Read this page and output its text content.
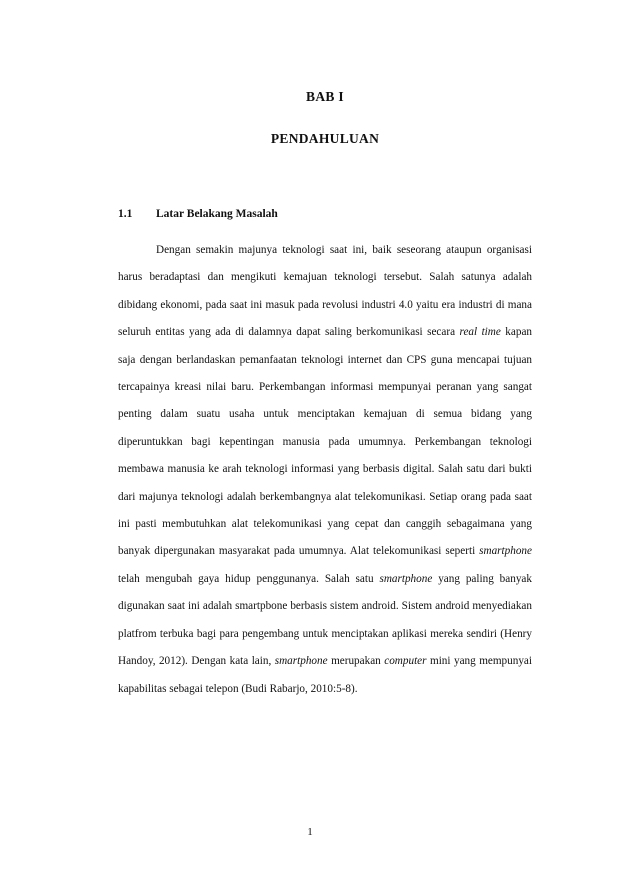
BAB I
PENDAHULUAN
1.1 Latar Belakang Masalah

Dengan semakin majunya teknologi saat ini, baik seseorang ataupun organisasi harus beradaptasi dan mengikuti kemajuan teknologi tersebut. Salah satunya adalah dibidang ekonomi, pada saat ini masuk pada revolusi industri 4.0 yaitu era industri di mana seluruh entitas yang ada di dalamnya dapat saling berkomunikasi secara real time kapan saja dengan berlandaskan pemanfaatan teknologi internet dan CPS guna mencapai tujuan tercapainya kreasi nilai baru. Perkembangan informasi mempunyai peranan yang sangat penting dalam suatu usaha untuk menciptakan kemajuan di semua bidang yang diperuntukkan bagi kepentingan manusia pada umumnya. Perkembangan teknologi membawa manusia ke arah teknologi informasi yang berbasis digital. Salah satu dari bukti dari majunya teknologi adalah berkembangnya alat telekomunikasi. Setiap orang pada saat ini pasti membutuhkan alat telekomunikasi yang cepat dan canggih sebagaimana yang banyak dipergunakan masyarakat pada umumnya. Alat telekomunikasi seperti smartphone telah mengubah gaya hidup penggunanya. Salah satu smartphone yang paling banyak digunakan saat ini adalah smartpbone berbasis sistem android. Sistem android menyediakan platfrom terbuka bagi para pengembang untuk menciptakan aplikasi mereka sendiri (Henry Handoy, 2012). Dengan kata lain, smartphone merupakan computer mini yang mempunyai kapabilitas sebagai telepon (Budi Rabarjo, 2010:5-8).

1
